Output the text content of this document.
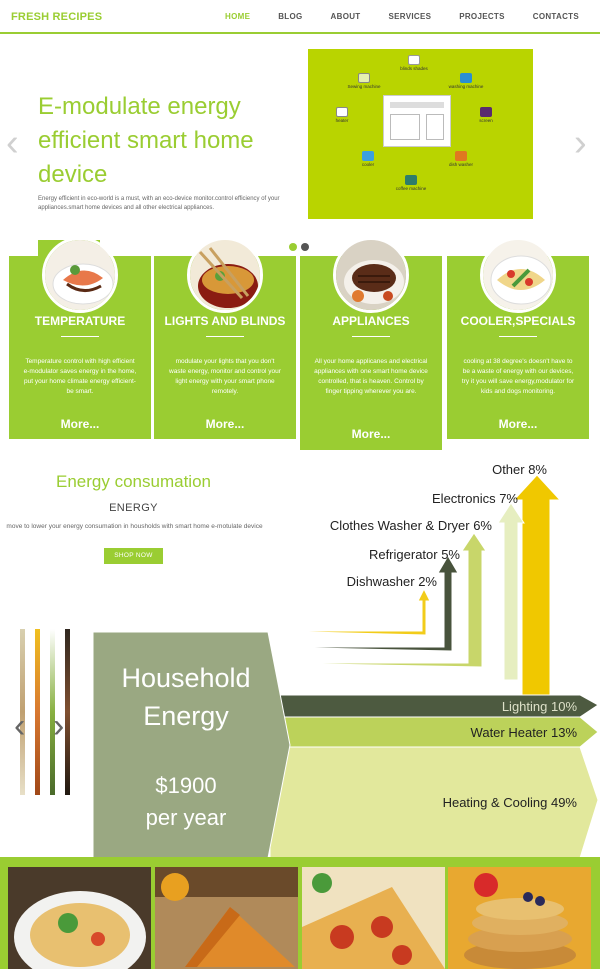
FRESH RECIPES	HOME	BLOG	ABOUT	SERVICES	PROJECTS	CONTACTS
‹	›
E-modulate energy efficient smart home device
Energy efficient in eco-world is a must, with an eco-device monitor.control efficiency of your appliances.smart home devices and all other electrical appliances.
blinds shades
Sewing machine	washing machine
heater	screen
cooler	dish washer
coffee machine
TEMPERATURE
Temperature control with high efficient e-modulator saves energy in the home, put your home climate energy efficient- be smart.
More...
LIGHTS AND BLINDS
modulate your lights that you don't waste energy, monitor and control your light energy with your smart phone remotely.
More...
APPLIANCES
All your home applicanes and electrical appliances with one smart home device controlled, that is heaven. Control by finger tipping wherever you are.
More...
COOLER,SPECIALS
cooling at 38 degree's doesn't have to be a waste of energy with our devices, try it you will save energy,modulator for kids and dogs monitoring.
More...
Energy consumation
ENERGY
move to lower your energy consumation in housholds with smart home e-motulate device
SHOP NOW
‹ ›
Household
Energy
$1900
per year
Other 8%
Electronics 7%
Clothes Washer & Dryer 6%
Refrigerator 5%
Dishwasher 2%
Lighting 10%
Water Heater 13%
Heating & Cooling 49%
